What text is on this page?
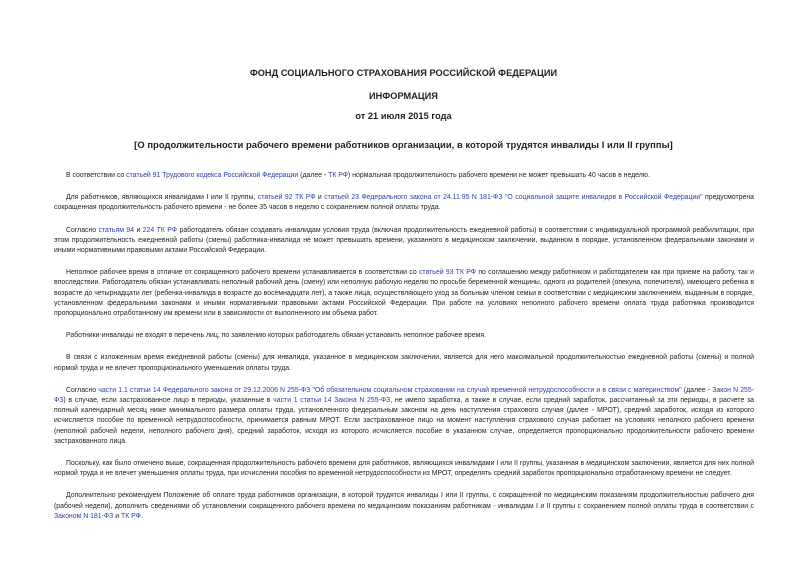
ФОНД СОЦИАЛЬНОГО СТРАХОВАНИЯ РОССИЙСКОЙ ФЕДЕРАЦИИ

ИНФОРМАЦИЯ

от 21 июля 2015 года

[О продолжительности рабочего времени работников организации, в которой трудятся инвалиды I или II группы]

В соответствии со статьей 91 Трудового кодекса Российской Федерации (далее - ТК РФ) нормальная продолжительность рабочего времени не может превышать 40 часов в неделю.

Для работников, являющихся инвалидами I или II группы, статьей 92 ТК РФ и статьей 23 Федерального закона от 24.11.95 N 181-ФЗ "О социальной защите инвалидов в Российской Федерации" предусмотрена сокращенная продолжительность рабочего времени - не более 35 часов в неделю с сохранением полной оплаты труда.

Согласно статьям 94 и 224 ТК РФ работодатель обязан создавать инвалидам условия труда (включая продолжительность ежедневной работы) в соответствии с индивидуальной программой реабилитации, при этом продолжительность ежедневной работы (смены) работника-инвалида не может превышать времени, указанного в медицинском заключении, выданном в порядке, установленном федеральными законами и иными нормативными правовыми актами Российской Федерации.

Неполное рабочее время в отличие от сокращенного рабочего времени устанавливается в соответствии со статьей 93 ТК РФ по соглашению между работником и работодателем как при приеме на работу, так и впоследствии. Работодатель обязан устанавливать неполный рабочий день (смену) или неполную рабочую неделю по просьбе беременной женщины, одного из родителей (опекуна, попечителя), имеющего ребенка в возрасте до четырнадцати лет (ребенка-инвалида в возрасте до восемнадцати лет), а также лица, осуществляющего уход за больным членом семьи в соответствии с медицинским заключением, выданным в порядке, установленном федеральными законами и иными нормативными правовыми актами Российской Федерации. При работе на условиях неполного рабочего времени оплата труда работника производится пропорционально отработанному им времени или в зависимости от выполненного им объема работ.

Работники-инвалиды не входят в перечень лиц, по заявлению которых работодатель обязан установить неполное рабочее время.

В связи с изложенным время ежедневной работы (смены) для инвалида, указанное в медицинском заключении, является для него максимальной продолжительностью ежедневной работы (смены) и полной нормой труда и не влечет пропорционального уменьшения оплаты труда.

Согласно части 1.1 статьи 14 Федерального закона от 29.12.2006 N 255-ФЗ "Об обязательном социальном страховании на случай временной нетрудоспособности и в связи с материнством" (далее - Закон N 255-ФЗ) в случае, если застрахованное лицо в периоды, указанные в части 1 статьи 14 Закона N 255-ФЗ, не имело заработка, а также в случае, если средний заработок, рассчитанный за эти периоды, в расчете за полный календарный месяц ниже минимального размера оплаты труда, установленного федеральным законом на день наступления страхового случая (далее - МРОТ), средний заработок, исходя из которого исчисляется пособие по временной нетрудоспособности, принимается равным МРОТ. Если застрахованное лицо на момент наступления страхового случая работает на условиях неполного рабочего времени (неполной рабочей недели, неполного рабочего дня), средний заработок, исходя из которого исчисляется пособие в указанном случае, определяется пропорционально продолжительности рабочего времени застрахованного лица.

Поскольку, как было отмечено выше, сокращенная продолжительность рабочего времени для работников, являющихся инвалидами I или II группы, указанная в медицинском заключении, является для них полной нормой труда и не влечет уменьшения оплаты труда, при исчислении пособия по временной нетрудоспособности из МРОТ, определять средний заработок пропорционально отработанному времени не следует.

Дополнительно рекомендуем Положение об оплате труда работников организации, в которой трудятся инвалиды I или II группы, с сокращенной по медицинским показаниям продолжительностью рабочего дня (рабочей недели), дополнить сведениями об установлении сокращенного рабочего времени по медицинским показаниям работникам - инвалидам I и II группы с сохранением полной оплаты труда в соответствии с Законом N 181-ФЗ и ТК РФ.
